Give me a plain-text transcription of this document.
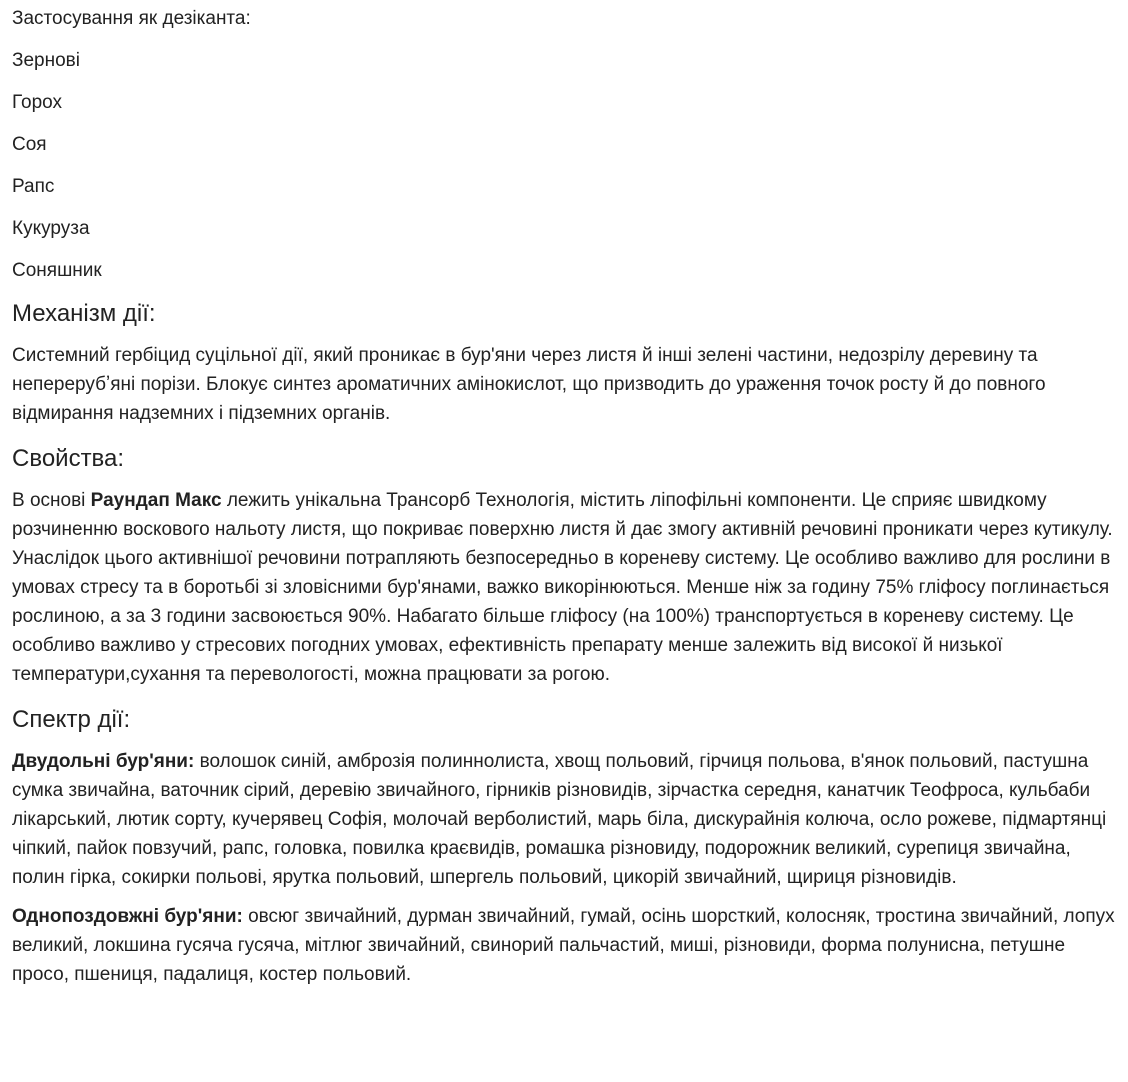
Застосування як дезіканта:

Зернові
Горох
Соя
Рапс
Кукуруза
Соняшник
Механізм дії:

Системний гербіцид суцільної дії, який проникає в бур'яни через листя й інші зелені частини, недозрілу деревину та неперерубʼяні порізи. Блокує синтез ароматичних амінокислот, що призводить до ураження точок росту й до повного відмирання надземних і підземних органів.

Свойства:

В основі Раундап Макс лежить унікальна Трансорб Технологія, містить ліпофільні компоненти. Це сприяє швидкому розчиненню воскового нальоту листя, що покриває поверхню листя й дає змогу активній речовині проникати через кутикулу. Унаслідок цього активнішої речовини потрапляють безпосередньо в кореневу систему. Це особливо важливо для рослини в умовах стресу та в боротьбі зі зловісними бур'янами, важко викорінюються. Менше ніж за годину 75% гліфосу поглинається рослиною, а за 3 години засвоюється 90%. Набагато більше гліфосу (на 100%) транспортується в кореневу систему. Це особливо важливо у стресових погодних умовах, ефективність препарату менше залежить від високої й низької температури,сухання та перевологості, можна працювати за рогою.

Спектр дії:

Двудольні бур'яни: волошок синій, амброзія полиннолиста, хвощ польовий, гірчиця польова, в'янок польовий, пастушна сумка звичайна, ваточник сірий, деревію звичайного, гірників різновидів, зірчастка середня, канатчик Теофроса, кульбаби лікарський, лютик сорту, кучерявец Софія, молочай верболистий, марь біла, дискурайнія колюча, осло рожеве, підмартянці чіпкий, пайок повзучий, рапс, головка, повилка краєвидів, ромашка різновиду, подорожник великий, сурепиця звичайна, полин гірка, сокирки польові, ярутка польовий, шпергель польовий, цикорій звичайний, щириця різновидів.

Однопоздовжні бур'яни: овсюг звичайний, дурман звичайний, гумай, осінь шорсткий, колосняк, тростина звичайний, лопух великий, локшина гусяча гусяча, мітлюг звичайний, свинорий пальчастий, миші, різновиди, форма полунисна, петушне просо, пшениця, падалиця, костер польовий.
